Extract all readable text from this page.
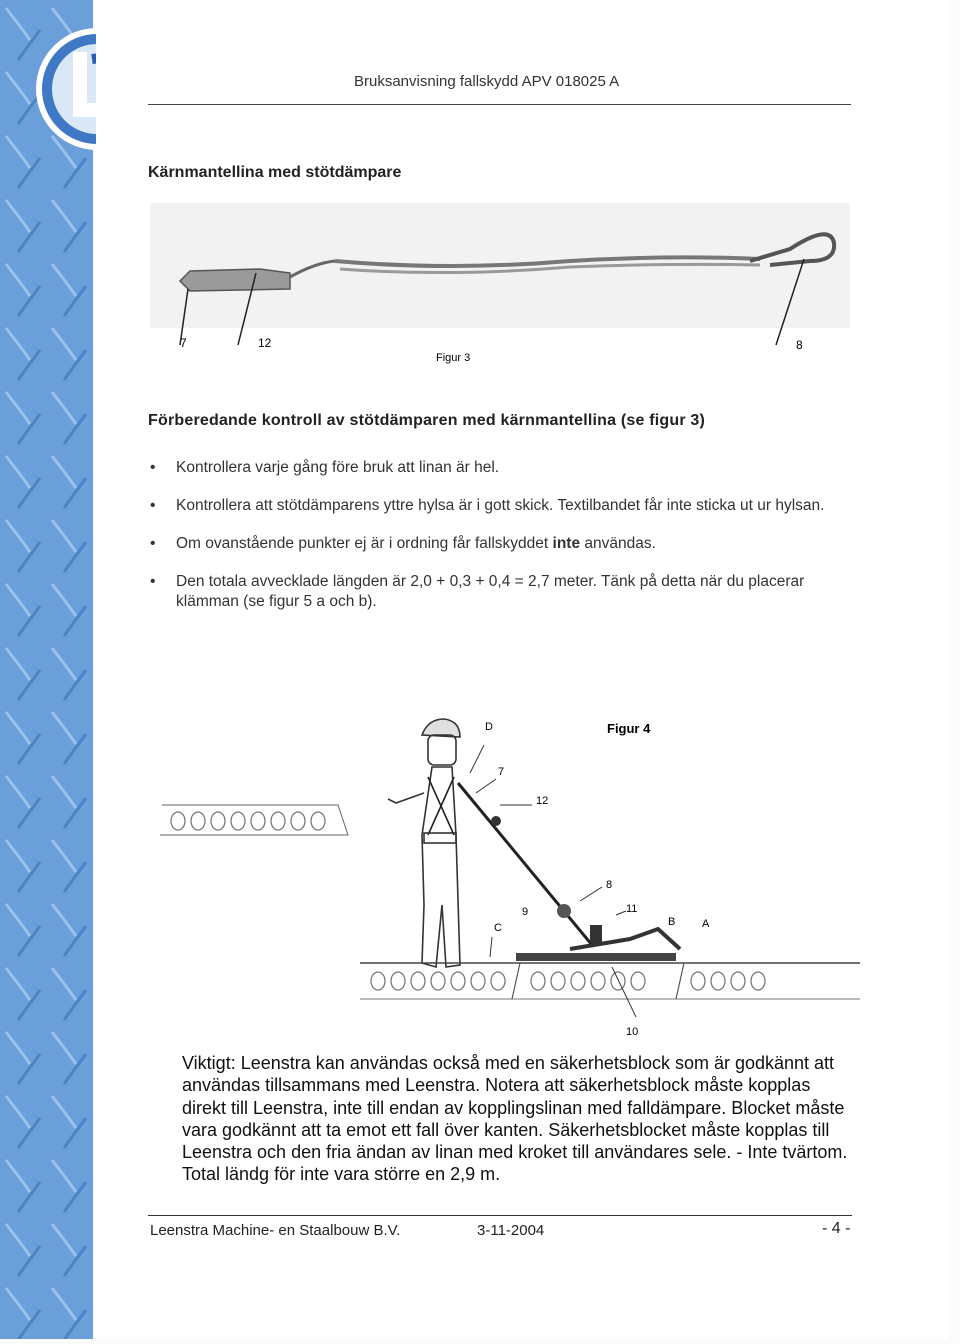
Bruksanvisning fallskydd APV 018025 A
Kärnmantellina med stötdämpare
7	12	8
Figur 3
Förberedande kontroll av stötdämparen med kärnmantellina (se figur 3)
• Kontrollera varje gång före bruk att linan är hel.
• Kontrollera att stötdämparens yttre hylsa är i gott skick. Textilbandet får inte sticka ut ur hylsan.
• Om ovanstående punkter ej är i ordning får fallskyddet inte användas.
• Den totala avvecklade längden är 2,0 + 0,3 + 0,4 = 2,7 meter. Tänk på detta när du placerar klämman (se figur 5 a och b).
Figur 4
D
7
12
8
9	11
B A
C
10
Viktigt: Leenstra kan användas också med en säkerhetsblock som är godkännt att användas tillsammans med Leenstra. Notera att säkerhetsblock måste kopplas direkt till Leenstra, inte till endan av kopplingslinan med falldämpare. Blocket måste vara godkännt att ta emot ett fall över kanten. Säkerhetsblocket måste kopplas till Leenstra och den fria ändan av linan med kroket till användares sele. - Inte tvärtom. Total ländg för inte vara större en 2,9 m.
Leenstra Machine- en Staalbouw B.V.	3-11-2004	- 4 -
